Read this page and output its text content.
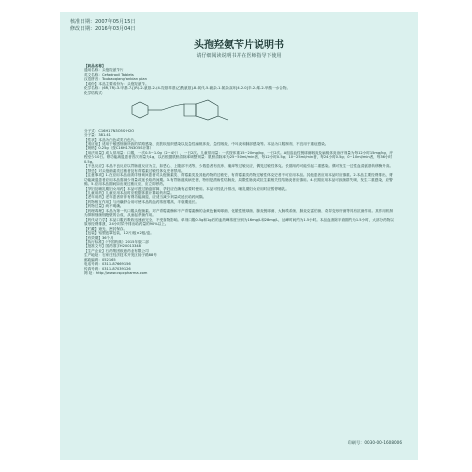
核准日期：2007年05月15日
修改日期：2016年03月04日
头孢羟氨苄片说明书
请仔细阅读说明书并在医师指导下使用

【药品名称】

通用名称：头孢羟氨苄片

英文名称：Cefadroxil Tablets

汉语拼音：Toubaoqiang'anbian pian

【成份】本品主要成份为：头孢羟氨苄。

化学名称：(6R,7R)-3-甲基-7-[(R)-2-氨基-2-(4-羟基苯基)乙酰氨基]-8-氧代-5-硫杂-1-氮杂双环[4.2.0]辛-2-烯-2-甲酸一水合物。

化学结构式：

分子式：C16H17N3O5S·H2O

分子量：381.41

【性状】本品为白色或类白色片。

【适应症】适用于敏感细菌所致的尿路感染、皮肤软组织感染以及急性扁桃体炎、急性咽炎、中耳炎和肺部感染等。本品为口服制剂，不宜用于重症感染。

【规格】0.25g（按C16H17N3O5S计算）

【用法用量】成人常用量：口服，一次0.5~1.0g（2~4片），一日2次。儿童常用量：一次按体重15~20mg/kg，一日2次。A组溶血性链球菌咽炎及扁桃体炎治疗剂量为每12小时15mg/kg，疗程至少10日。肾功能减退患者首次剂量为1g，以后根据肌酐清除率调整剂量：肌酐清除率为25~50ml/min者，每12小时0.5g；10~25ml/min者，每24小时0.5g；0~10ml/min者，每36小时0.5g。

【不良反应】本品不良反应以胃肠道反应为主，如恶心、上腹部不适等，少数患者有皮疹、瘙痒等过敏反应，偶见过敏性休克。长期用药可能引起二重感染。偶可发生一过性血清氨基转移酶升高。

【禁忌】对头孢菌素类过敏者及有青霉素过敏性休克史者禁用。

【注意事项】1.在应用本品前须详细询问患者对头孢菌素类、青霉素类及其他药物的过敏史，有青霉素类药物过敏性休克史者不可应用本品。其他患者应用本品时应慎重。2.本品主要经肾排出，肾功能减退患者应用本品需减少剂量或延长给药间期。3.有胃肠道疾病史者，特别是溃疡性结肠炎、局限性肠炎或抗生素相关性结肠炎者应慎用。4.长期应用本品可致菌群失调，发生二重感染，应警惕。5.应用本品期间如出现过敏反应，应立即停药。

【孕妇及哺乳期妇女用药】本品可透过胎盘屏障，孕妇应在确有必要时使用。本品可经乳汁排出，哺乳期妇女应用时应暂停哺乳。

【儿童用药】儿童应用本品时应根据体重计算给药剂量。

【老年用药】老年患者常伴有肾功能减退，应适当减少剂量或延长给药间隔。

【药物相互作用】与丙磺舒合用可使本品的血药浓度增高，半衰期延长。

【药物过量】尚不明确。

【药理毒理】本品为第一代口服头孢菌素。对产青霉素酶和不产青霉素酶的金黄色葡萄球菌、化脓性链球菌、肺炎链球菌、大肠埃希菌、肺炎克雷伯菌、奇异变形杆菌等具有抗菌作用。其作用机制为抑制细菌细胞壁的合成，从而起杀菌作用。

【药代动力学】本品口服后吸收迅速而完全，不受食物影响。单剂口服0.5g和1g后的血药峰浓度分别为16mg/L和28mg/L，达峰时间约为1.5小时。本品血消除半衰期约为1.5小时，大部分药物以原形经肾排泄，24小时尿中排出给药量的90%以上。

【贮藏】遮光，密封保存。

【包装】铝塑泡罩包装，12片/板×2板/盒。

【有效期】36个月

【执行标准】《中国药典》2015年版二部

【批准文号】国药准字H20013348

【生产企业】石药集团欧意药业有限公司

生产地址：石家庄经济技术开发区扬子路88号

邮政编码：052165

电话号码：0311-87669156

传真号码：0311-87039126

网 址：http://www.cspcpharma.com

印刷号：0030-00-1608006
